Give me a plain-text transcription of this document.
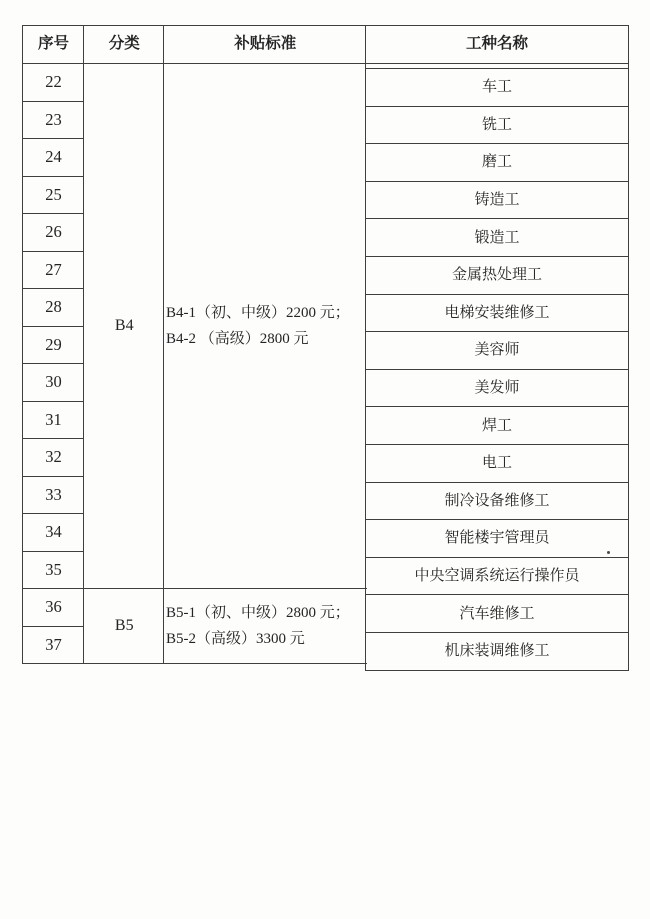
序号
22
23
24
25
26
27
28
29
30
31
32
33
34
35
36
37
分类
B4
B5
补贴标准
B4-1（初、中级）2200 元；
B4-2 （高级）2800 元
B5-1（初、中级）2800 元；
B5-2（高级）3300 元
工种名称
车工
铣工
磨工
铸造工
锻造工
金属热处理工
电梯安装维修工
美容师
美发师
焊工
电工
制冷设备维修工
智能楼宇管理员
中央空调系统运行操作员
汽车维修工
机床装调维修工
